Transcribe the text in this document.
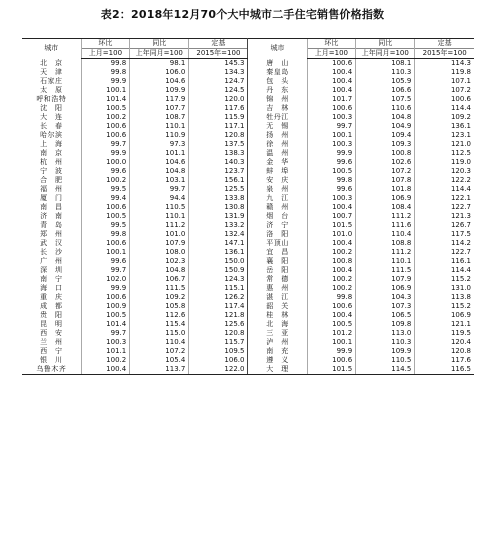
表2：2018年12月70个大中城市二手住宅销售价格指数
城市	环比	同比	定基	城市	环比	同比	定基
	上月=100	上年同月=100	2015年=100		上月=100	上年同月=100	2015年=100
北　京	99.8	98.1	145.3	唐　山	100.6	108.1	114.3
天　津	99.8	106.0	134.3	秦皇岛	100.4	110.3	119.8
石家庄	99.9	104.6	124.7	包　头	100.4	105.9	107.1
太　原	100.1	109.9	124.5	丹　东	100.4	106.6	107.2
呼和浩特	101.4	117.9	120.0	锦　州	101.7	107.5	100.6
沈　阳	100.5	107.7	117.6	吉　林	100.6	110.6	114.4
大　连	100.2	108.7	115.9	牡丹江	100.3	104.8	109.2
长　春	100.6	110.1	117.1	无　锡	99.7	104.9	136.1
哈尔滨	100.6	110.9	120.8	扬　州	100.1	109.4	123.1
上　海	99.7	97.3	137.5	徐　州	100.3	109.3	121.0
南　京	99.9	101.1	138.3	温　州	99.9	100.8	112.5
杭　州	100.0	104.6	140.3	金　华	99.6	102.6	119.0
宁　波	99.6	104.8	123.7	蚌　埠	100.5	107.2	120.3
合　肥	100.2	103.1	156.1	安　庆	99.8	107.8	122.2
福　州	99.5	99.7	125.5	泉　州	99.6	101.8	114.4
厦　门	99.4	94.4	133.8	九　江	100.3	106.9	122.1
南　昌	100.6	110.5	130.8	赣　州	100.4	108.4	122.7
济　南	100.5	110.1	131.9	烟　台	100.7	111.2	121.3
青　岛	99.5	111.2	133.2	济　宁	101.5	111.6	126.7
郑　州	99.8	101.0	132.4	洛　阳	101.0	110.4	117.5
武　汉	100.6	107.9	147.1	平顶山	100.4	108.8	114.2
长　沙	100.1	108.0	136.1	宜　昌	100.2	111.2	122.7
广　州	99.6	102.3	150.0	襄　阳	100.8	110.1	116.1
深　圳	99.7	104.8	150.9	岳　阳	100.4	111.5	114.4
南　宁	102.0	106.7	124.3	常　德	100.2	107.9	115.2
海　口	99.9	111.5	115.1	惠　州	100.2	106.9	131.0
重　庆	100.6	109.2	126.2	湛　江	99.8	104.3	113.8
成　都	100.9	105.8	117.4	韶　关	100.6	107.3	115.2
贵　阳	100.5	112.6	121.8	桂　林	100.4	106.5	106.9
昆　明	101.4	115.4	125.6	北　海	100.5	109.8	121.1
西　安	99.7	115.0	120.8	三　亚	101.2	113.0	119.5
兰　州	100.3	110.4	115.7	泸　州	100.1	110.3	120.4
西　宁	101.1	107.2	109.5	南　充	99.9	109.9	120.8
银　川	100.2	105.4	106.0	遵　义	100.6	110.5	117.6
乌鲁木齐	100.4	113.7	122.0	大　理	101.5	114.5	116.5
